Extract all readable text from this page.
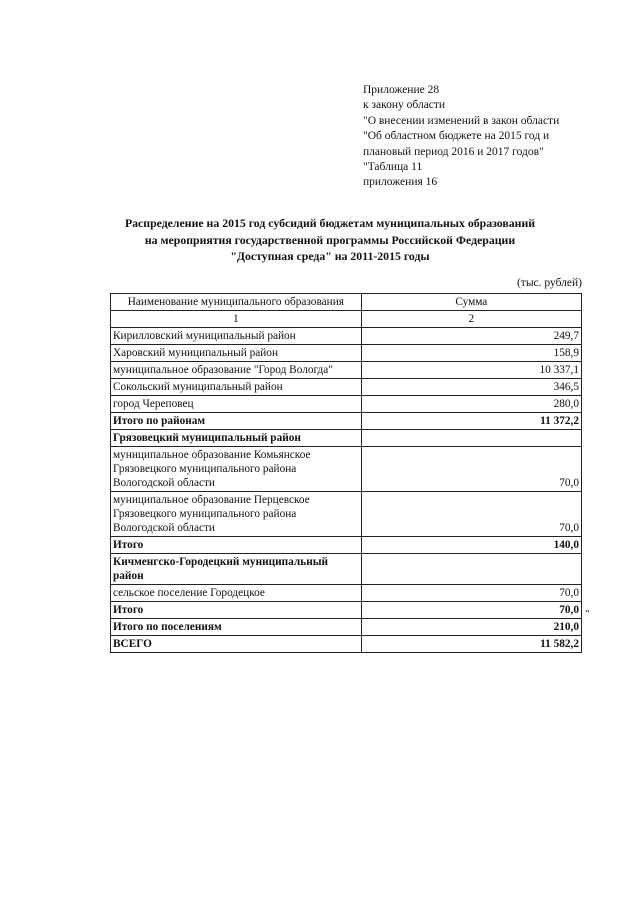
Приложение 28
к закону области
"О внесении изменений в закон области
"Об областном бюджете на 2015 год и
плановый период 2016 и 2017 годов"
"Таблица 11
приложения 16
Распределение на 2015 год субсидий бюджетам муниципальных образований
на мероприятия государственной программы Российской Федерации
"Доступная среда" на 2011-2015 годы
(тыс. рублей)
Наименование муниципального образования	Сумма
1	2
Кирилловский муниципальный район	249,7
Харовский муниципальный район	158,9
муниципальное образование "Город Вологда"	10 337,1
Сокольский муниципальный район	346,5
город Череповец	280,0
Итого по районам	11 372,2
Грязовецкий муниципальный район	

муниципальное образование Комьянское
Грязовецкого муниципального района
Вологодской области	70,0

муниципальное образование Перцевское
Грязовецкого муниципального района
Вологодской области	70,0
Итого	140,0
Кичменгско-Городецкий муниципальный район	
сельское поселение Городецкое	70,0
Итого	70,0
Итого по поселениям	210,0
ВСЕГО	11 582,2
"
